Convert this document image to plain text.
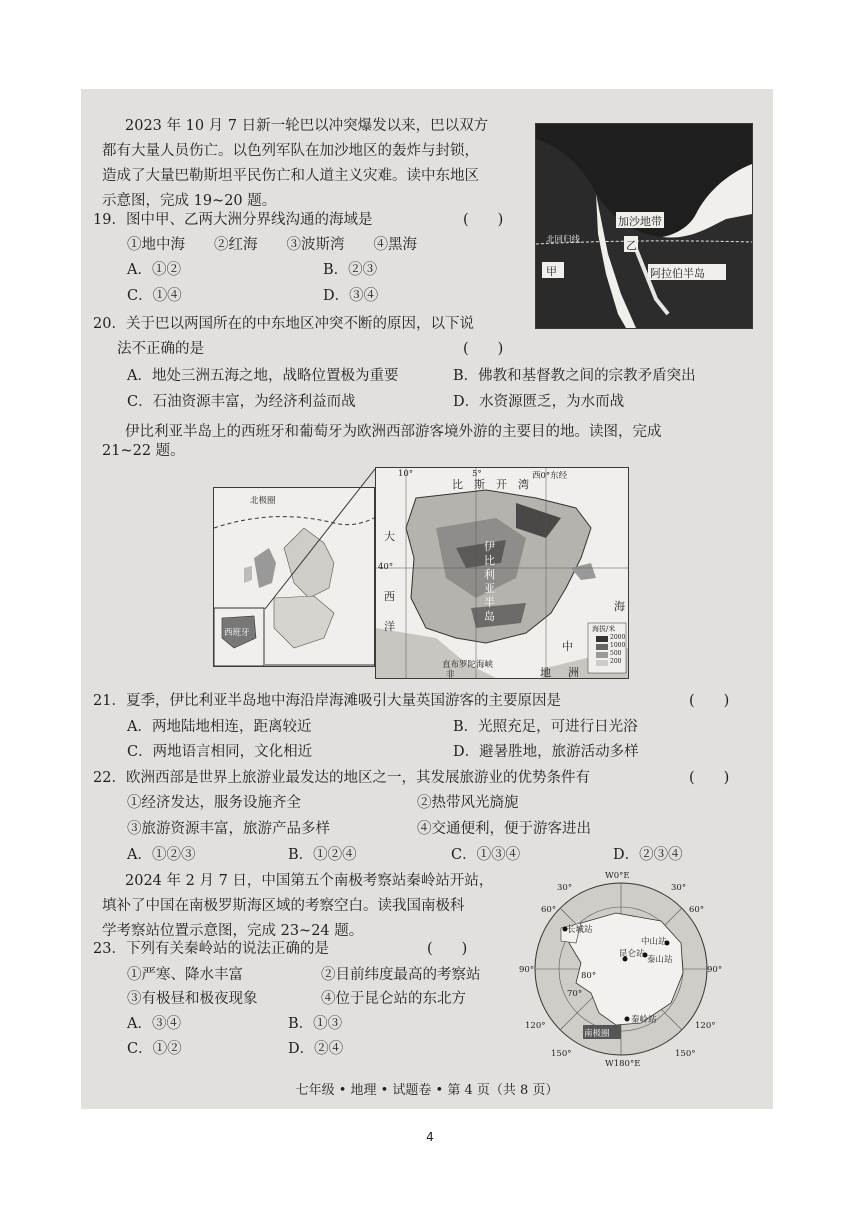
2023 年 10 月 7 日新一轮巴以冲突爆发以来，巴以双方
都有大量人员伤亡。以色列军队在加沙地区的轰炸与封锁，
造成了大量巴勒斯坦平民伤亡和人道主义灾难。读中东地区
示意图，完成 19~20 题。
加沙地带
乙
北回归线
甲	阿拉伯半岛
19．图中甲、乙两大洲分界线沟通的海域是	(　　)
①地中海　　②红海　　③波斯湾　　④黑海
A．①②	B．②③
C．①④	D．③④
20．关于巴以两国所在的中东地区冲突不断的原因，以下说
法不正确的是	(　　)
A．地处三洲五海之地，战略位置极为重要	B．佛教和基督教之间的宗教矛盾突出
C．石油资源丰富，为经济利益而战	D．水资源匮乏，为水而战
伊比利亚半岛上的西班牙和葡萄牙为欧洲西部游客境外游的主要目的地。读图，完成
21~22 题。
北极圈
西班牙
10°	5°	西0°东经
比　斯　开　湾
40°
大
西
洋
伊
比
利
亚
半
岛
中
海
地 洲
直布罗陀海峡
非
海拔/米
2000
1000
500
200
21．夏季，伊比利亚半岛地中海沿岸海滩吸引大量英国游客的主要原因是	(　　)
A．两地陆地相连，距离较近	B．光照充足，可进行日光浴
C．两地语言相同，文化相近	D．避暑胜地，旅游活动多样
22．欧洲西部是世界上旅游业最发达的地区之一，其发展旅游业的优势条件有	(　　)
①经济发达，服务设施齐全	②热带风光旖旎
③旅游资源丰富，旅游产品多样	④交通便利，便于游客进出
A．①②③	B．①②④	C．①③④	D．②③④
2024 年 2 月 7 日，中国第五个南极考察站秦岭站开站，
填补了中国在南极罗斯海区域的考察空白。读我国南极科
学考察站位置示意图，完成 23~24 题。
W0°E
W180°E
60°
30°	30°
60°
90°	90°
120°	120°
150°	150°
70°
80°
长城站
中山站
昆仑站
泰山站
秦岭站
南极圈
23．下列有关秦岭站的说法正确的是	(　　)
①严寒、降水丰富	②目前纬度最高的考察站
③有极昼和极夜现象	④位于昆仑站的东北方
A．③④	B．①③
C．①②	D．②④
七年级 • 地理 • 试题卷 • 第 4 页（共 8 页）
4
